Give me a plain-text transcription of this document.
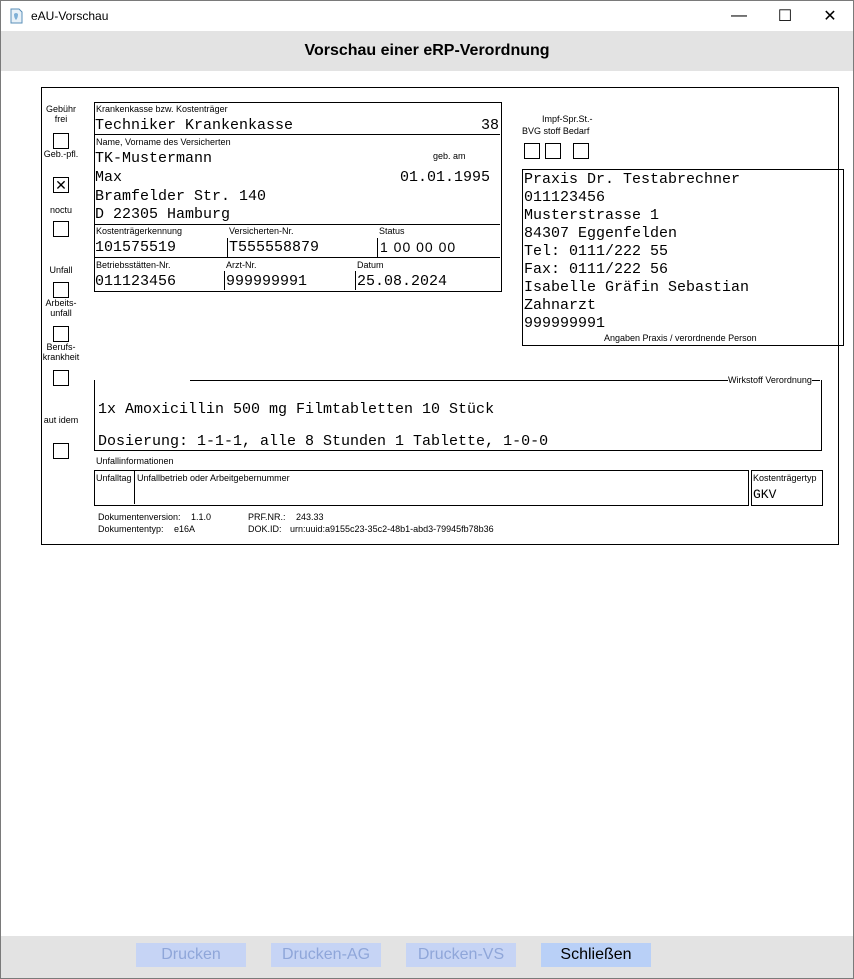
eAU-Vorschau	— ☐ ✕
Vorschau einer eRP-Verordnung
Gebühr frei
Geb.-pfl.
✕
noctu
Unfall
Arbeits-unfall
Berufs-krankheit
aut idem
Krankenkasse bzw. Kostenträger
Techniker Krankenkasse	38
Name, Vorname des Versicherten
geb. am
TK-Mustermann
Max	01.01.1995
Bramfelder Str. 140
D 22305 Hamburg
Kostenträgerkennung	Versicherten-Nr.	Status
101575519	T555558879	1 00 00 00
Betriebsstätten-Nr.	Arzt-Nr.	Datum
011123456	999999991	25.08.2024
Impf-Spr.St.-
BVG stoff Bedarf
Praxis Dr. Testabrechner
011123456
Musterstrasse 1
84307 Eggenfelden
Tel: 0111/222 55
Fax: 0111/222 56
Isabelle Gräfin Sebastian
Zahnarzt
999999991
Angaben Praxis / verordnende Person
Wirkstoff Verordnung
1x Amoxicillin 500 mg Filmtabletten 10 Stück
Dosierung: 1-1-1, alle 8 Stunden 1 Tablette, 1-0-0
Unfallinformationen
Unfalltag Unfallbetrieb oder Arbeitgebernummer	Kostenträgertyp
GKV
Dokumentenversion: 1.1.0
Dokumententyp: e16A
PRF.NR.: 243.33
DOK.ID: urn:uuid:a9155c23-35c2-48b1-abd3-79945fb78b36
Drucken	Drucken-AG	Drucken-VS	Schließen
